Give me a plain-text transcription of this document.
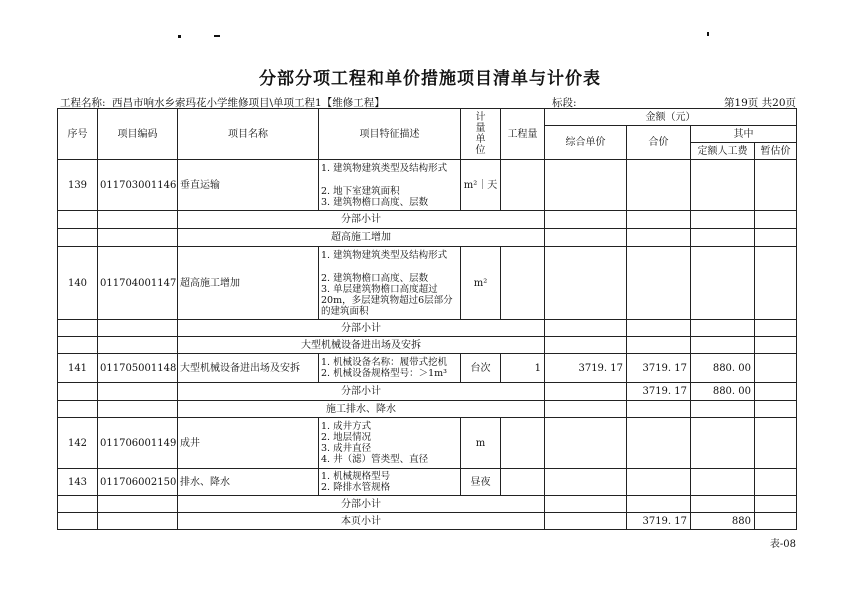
分部分项工程和单价措施项目清单与计价表
工程名称: 西昌市响水乡索玛花小学维修项目\单项工程1【维修工程】	标段:	第19页 共20页
序号	项目编码	项目名称	项目特征描述	计量单位	工程量	金额（元）			
						综合单价	合价	其中	
								定额人工费	暂估价
139	011703001146	垂直运输	1. 建筑物建筑类型及结构形式
2. 地下室建筑面积
3. 建筑物檐口高度、层数	m²｜天					
		分部小计							
		超高施工增加							
140	011704001147	超高施工增加	1. 建筑物建筑类型及结构形式
2. 建筑物檐口高度、层数
3. 单层建筑物檐口高度超过
20m，多层建筑物超过6层部分
的建筑面积	m²					
		分部小计							
		大型机械设备进出场及安拆							
141	011705001148	大型机械设备进出场及安拆	1. 机械设备名称：履带式挖机
2. 机械设备规格型号：＞1m³	台次	1	3719. 17	3719. 17	880. 00	
		分部小计					3719. 17	880. 00	
		施工排水、降水							
142	011706001149	成井	1. 成井方式
2. 地层情况
3. 成井直径
4. 井（滤）管类型、直径	m					
143	011706002150	排水、降水	1. 机械规格型号
2. 降排水管规格	昼夜					
		分部小计							
		本页小计					3719. 17	880	
表-08
